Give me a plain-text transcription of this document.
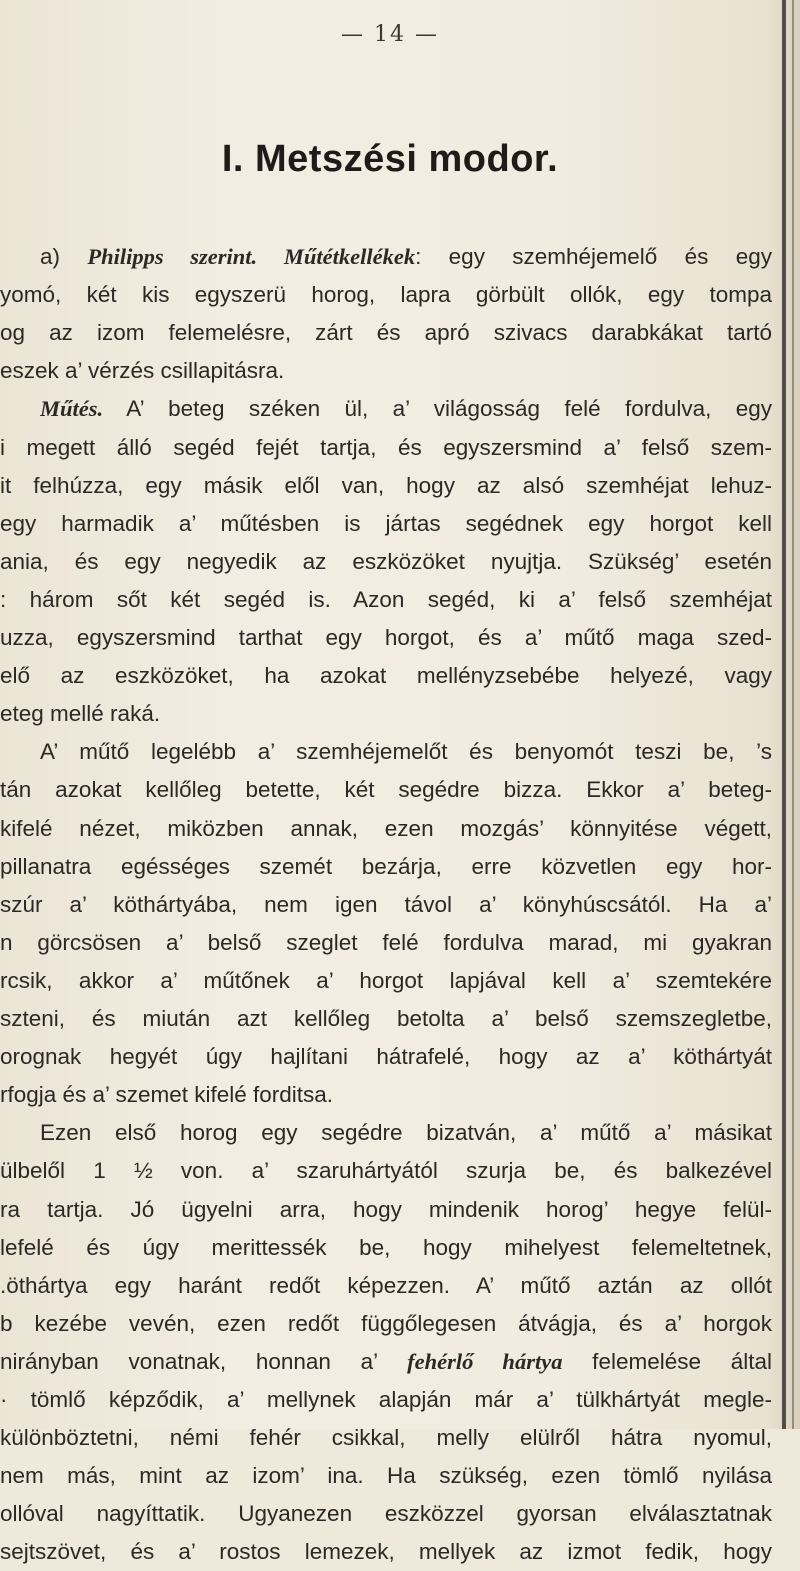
— 14 —
I. Metszési modor.
a) Philipps szerint. Műtétkellékek: egy szemhéjemelő és egy
yomó, két kis egyszerü horog, lapra görbült ollók, egy tompa
og az izom felemelésre, zárt és apró szivacs darabkákat tartó
eszek a’ vérzés csillapitásra.
Műtés. A’ beteg széken ül, a’ világosság felé fordulva, egy
i megett álló segéd fejét tartja, és egyszersmind a’ felső szem-
it felhúzza, egy másik elől van, hogy az alsó szemhéjat lehuz-
egy harmadik a’ műtésben is jártas segédnek egy horgot kell
ania, és egy negyedik az eszközöket nyujtja. Szükség’ esetén
: három sőt két segéd is. Azon segéd, ki a’ felső szemhéjat
uzza, egyszersmind tarthat egy horgot, és a’ műtő maga szed-
elő az eszközöket, ha azokat mellényzsebébe helyezé, vagy
eteg mellé raká.
A’ műtő legelébb a’ szemhéjemelőt és benyomót teszi be, ’s
tán azokat kellőleg betette, két segédre bizza. Ekkor a’ beteg-
kifelé nézet, miközben annak, ezen mozgás’ könnyitése végett,
pillanatra egésséges szemét bezárja, erre közvetlen egy hor-
szúr a’ köthártyába, nem igen távol a’ könyhúscsától. Ha a’
n görcsösen a’ belső szeglet felé fordulva marad, mi gyakran
rcsik, akkor a’ műtőnek a’ horgot lapjával kell a’ szemtekére
szteni, és miután azt kellőleg betolta a’ belső szemszegletbe,
orognak hegyét úgy hajlítani hátrafelé, hogy az a’ köthártyát
rfogja és a’ szemet kifelé forditsa.
Ezen első horog egy segédre bizatván, a’ műtő a’ másikat
ülbelől 1 ½ von. a’ szaruhártyától szurja be, és balkezével
ra tartja. Jó ügyelni arra, hogy mindenik horog’ hegye felül-
lefelé és úgy merittessék be, hogy mihelyest felemeltetnek,
.öthártya egy haránt redőt képezzen. A’ műtő aztán az ollót
b kezébe vevén, ezen redőt függőlegesen átvágja, és a’ horgok
nirányban vonatnak, honnan a’ fehérlő hártya felemelése által
· tömlő képződik, a’ mellynek alapján már a’ tülkhártyát megle-
különböztetni, némi fehér csikkal, melly elülről hátra nyomul,
nem más, mint az izom’ ina. Ha szükség, ezen tömlő nyilása
ollóval nagyíttatik. Ugyanezen eszközzel gyorsan elválasztatnak
sejtszövet, és a’ rostos lemezek, mellyek az izmot fedik, hogy
